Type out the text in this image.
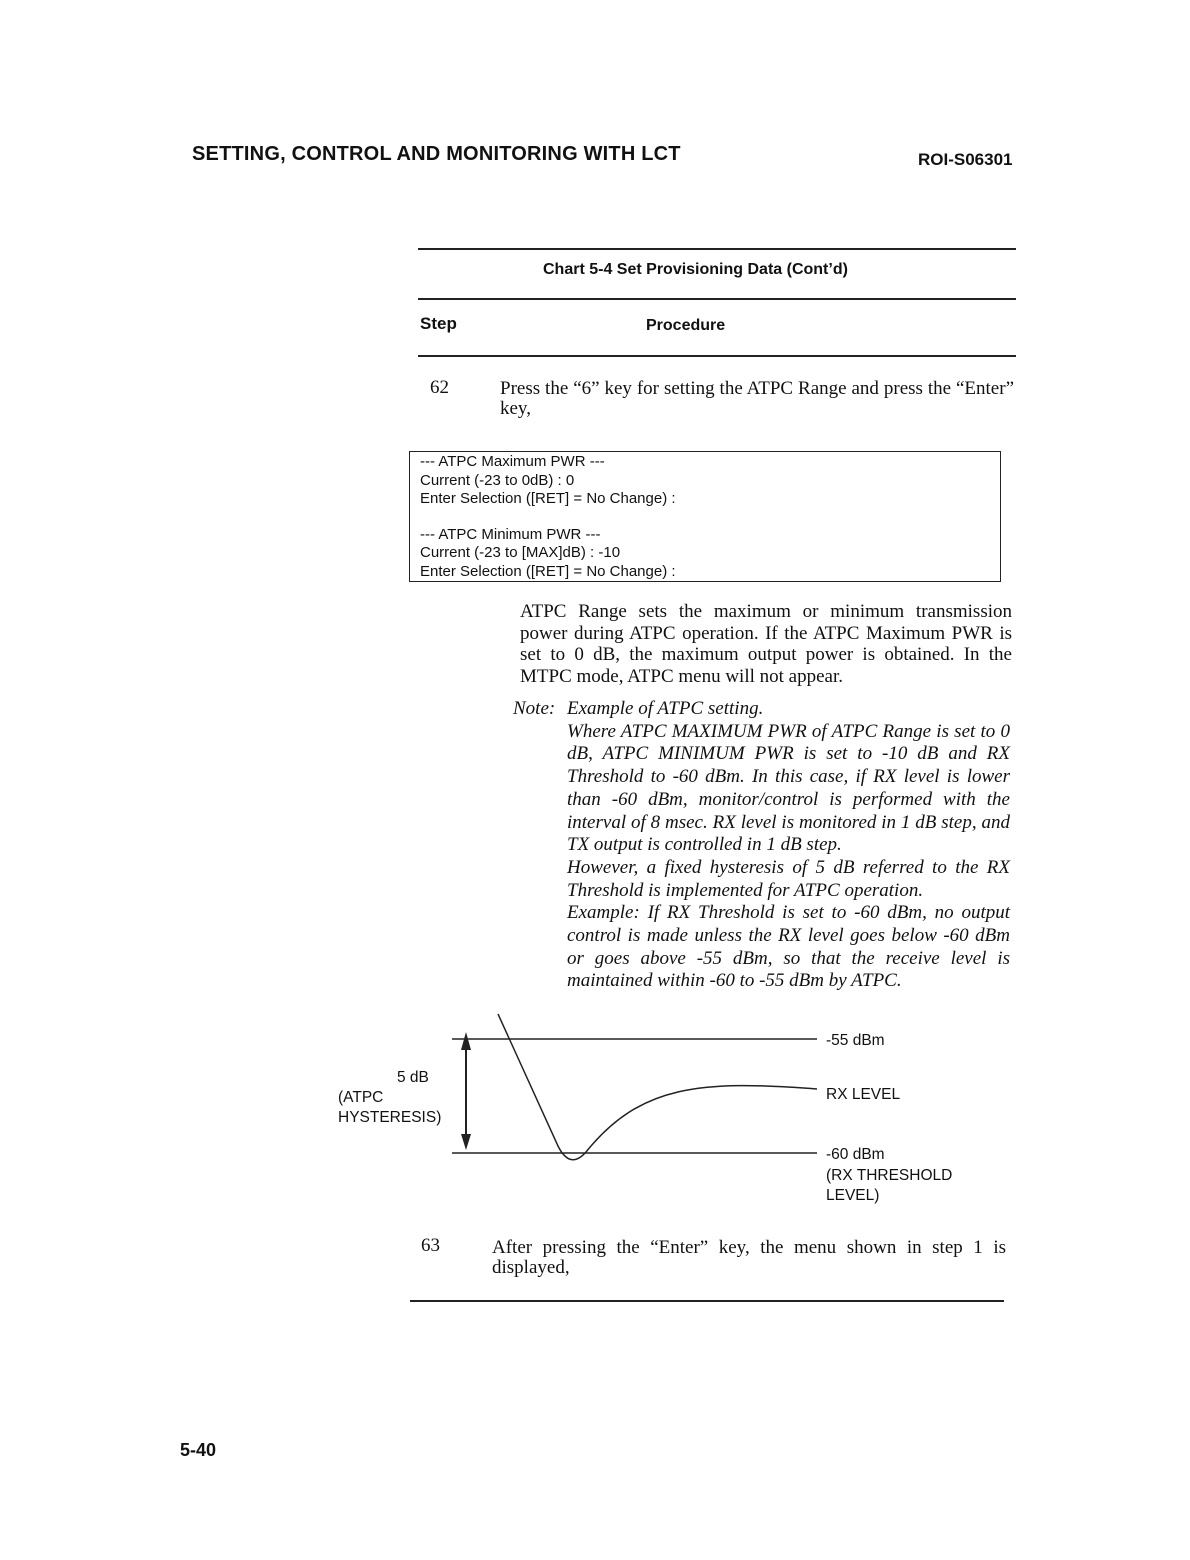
SETTING, CONTROL AND MONITORING WITH LCT	ROI-S06301
Chart 5-4 Set Provisioning Data (Cont’d)
Step	Procedure
62	Press the “6” key for setting the ATPC Range and press the “Enter” key,
--- ATPC Maximum PWR ---
Current (-23 to 0dB) : 0
Enter Selection ([RET] = No Change) :
--- ATPC Minimum PWR ---
Current (-23 to [MAX]dB) : -10
Enter Selection ([RET] = No Change) :
ATPC Range sets the maximum or minimum transmission power during ATPC operation. If the ATPC Maximum PWR is set to 0 dB, the maximum output power is obtained. In the MTPC mode, ATPC menu will not appear.
Note: Example of ATPC setting.

Where ATPC MAXIMUM PWR of ATPC Range is set to 0 dB, ATPC MINIMUM PWR is set to -10 dB and RX Threshold to -60 dBm. In this case, if RX level is lower than -60 dBm, monitor/control is performed with the interval of 8 msec. RX level is monitored in 1 dB step, and TX output is controlled in 1 dB step.

However, a fixed hysteresis of 5 dB referred to the RX Threshold is implemented for ATPC operation.

Example: If RX Threshold is set to -60 dBm, no output control is made unless the RX level goes below -60 dBm or goes above -55 dBm, so that the receive level is maintained within -60 to -55 dBm by ATPC.

5 dB
(ATPC
HYSTERESIS)
-55 dBm
RX LEVEL
-60 dBm
(RX THRESHOLD
LEVEL)
63	After pressing the “Enter” key, the menu shown in step 1 is displayed,
5-40
